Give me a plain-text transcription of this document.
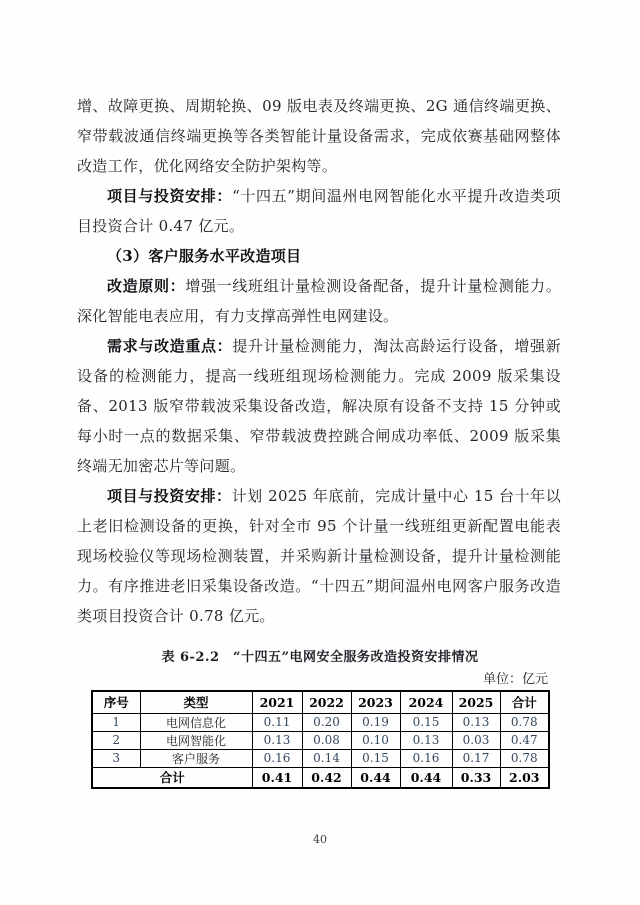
增、故障更换、周期轮换、09 版电表及终端更换、2G 通信终端更换、窄带载波通信终端更换等各类智能计量设备需求，完成依赛基础网整体改造工作，优化网络安全防护架构等。

项目与投资安排：“十四五”期间温州电网智能化水平提升改造类项目投资合计 0.47 亿元。

（3）客户服务水平改造项目

改造原则：增强一线班组计量检测设备配备，提升计量检测能力。深化智能电表应用，有力支撑高弹性电网建设。

需求与改造重点：提升计量检测能力，淘汰高龄运行设备，增强新设备的检测能力，提高一线班组现场检测能力。完成 2009 版采集设备、2013 版窄带载波采集设备改造，解决原有设备不支持 15 分钟或每小时一点的数据采集、窄带载波费控跳合闸成功率低、2009 版采集终端无加密芯片等问题。

项目与投资安排：计划 2025 年底前，完成计量中心 15 台十年以上老旧检测设备的更换，针对全市 95 个计量一线班组更新配置电能表现场校验仪等现场检测装置，并采购新计量检测设备，提升计量检测能力。有序推进老旧采集设备改造。“十四五”期间温州电网客户服务改造类项目投资合计 0.78 亿元。

表 6-2.2　“十四五”电网安全服务改造投资安排情况
单位：亿元
序号	类型	2021	2022	2023	2024	2025	合计
1	电网信息化	0.11	0.20	0.19	0.15	0.13	0.78
2	电网智能化	0.13	0.08	0.10	0.13	0.03	0.47
3	客户服务	0.16	0.14	0.15	0.16	0.17	0.78
合计		0.41	0.42	0.44	0.44	0.33	2.03
40
